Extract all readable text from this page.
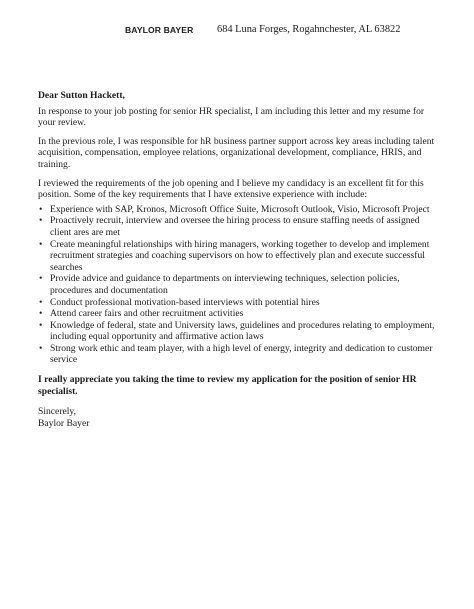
BAYLOR BAYER 684 Luna Forges, Rogahnchester, AL 63822

Dear Sutton Hackett,

In response to your job posting for senior HR specialist, I am including this letter and my resume for your review.

In the previous role, I was responsible for hR business partner support across key areas including talent acquisition, compensation, employee relations, organizational development, compliance, HRIS, and training.

I reviewed the requirements of the job opening and I believe my candidacy is an excellent fit for this position. Some of the key requirements that I have extensive experience with include:

• Experience with SAP, Kronos, Microsoft Office Suite, Microsoft Outlook, Visio, Microsoft Project
• Proactively recruit, interview and oversee the hiring process to ensure staffing needs of assigned client ares are met
• Create meaningful relationships with hiring managers, working together to develop and implement recruitment strategies and coaching supervisors on how to effectively plan and execute successful searches
• Provide advice and guidance to departments on interviewing techniques, selection policies, procedures and documentation
• Conduct professional motivation-based interviews with potential hires
• Attend career fairs and other recruitment activities
• Knowledge of federal, state and University laws, guidelines and procedures relating to employment, including equal opportunity and affirmative action laws
• Strong work ethic and team player, with a high level of energy, integrity and dedication to customer service

I really appreciate you taking the time to review my application for the position of senior HR specialist.

Sincerely,

Baylor Bayer
